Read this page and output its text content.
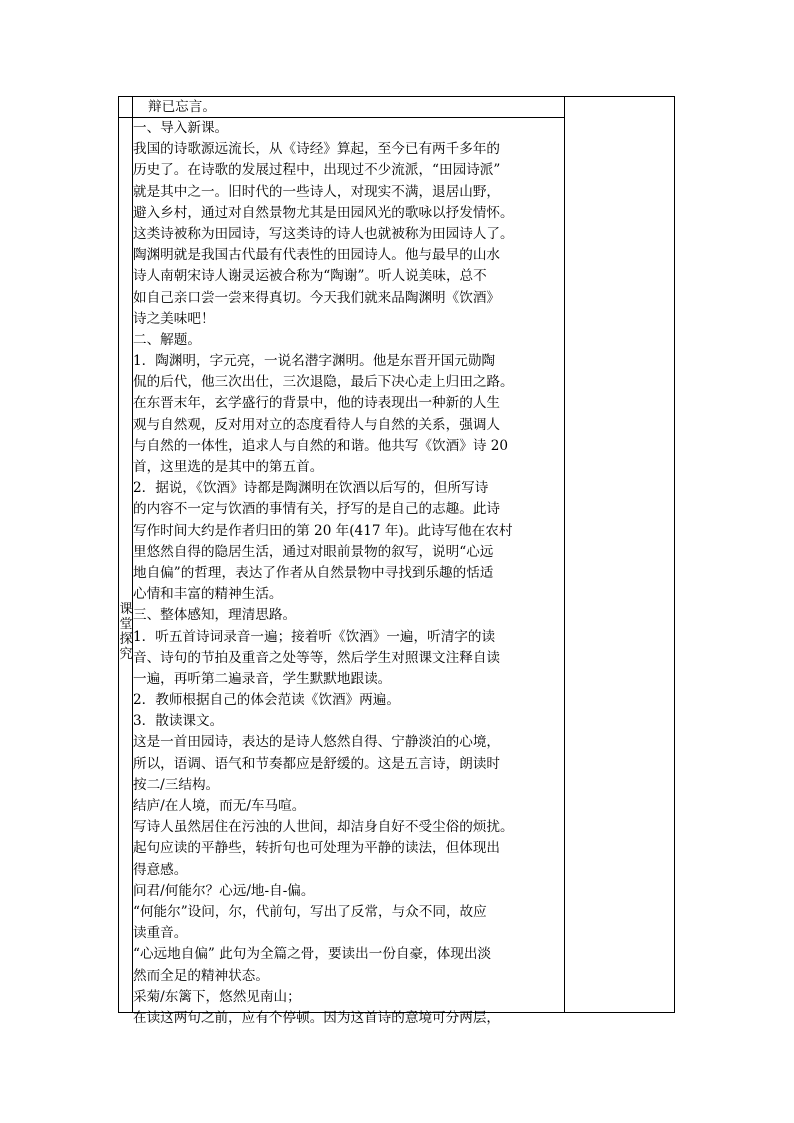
课
堂
探
究
辩已忘言。
一、导入新课。
我国的诗歌源远流长，从《诗经》算起，至今已有两千多年的
历史了。在诗歌的发展过程中，出现过不少流派，“田园诗派”
就是其中之一。旧时代的一些诗人，对现实不满，退居山野，
避入乡村，通过对自然景物尤其是田园风光的歌咏以抒发情怀。
这类诗被称为田园诗，写这类诗的诗人也就被称为田园诗人了。
陶渊明就是我国古代最有代表性的田园诗人。他与最早的山水
诗人南朝宋诗人谢灵运被合称为“陶谢”。听人说美味，总不
如自己亲口尝一尝来得真切。今天我们就来品陶渊明《饮酒》
诗之美味吧！
二、解题。
1．陶渊明，字元亮，一说名潜字渊明。他是东晋开国元勋陶
侃的后代，他三次出仕，三次退隐，最后下决心走上归田之路。
在东晋末年，玄学盛行的背景中，他的诗表现出一种新的人生
观与自然观，反对用对立的态度看待人与自然的关系，强调人
与自然的一体性，追求人与自然的和谐。他共写《饮酒》诗 20
首，这里选的是其中的第五首。
2．据说，《饮酒》诗都是陶渊明在饮酒以后写的，但所写诗
的内容不一定与饮酒的事情有关，抒写的是自己的志趣。此诗
写作时间大约是作者归田的第 20 年(417 年)。此诗写他在农村
里悠然自得的隐居生活，通过对眼前景物的叙写，说明“心远
地自偏”的哲理，表达了作者从自然景物中寻找到乐趣的恬适
心情和丰富的精神生活。
三、整体感知，理清思路。
1．听五首诗词录音一遍；接着听《饮酒》一遍，听清字的读
音、诗句的节拍及重音之处等等，然后学生对照课文注释自读
一遍，再听第二遍录音，学生默默地跟读。
2．教师根据自己的体会范读《饮酒》两遍。
3．散读课文。
这是一首田园诗，表达的是诗人悠然自得、宁静淡泊的心境，
所以，语调、语气和节奏都应是舒缓的。这是五言诗，朗读时
按二/三结构。
结庐/在人境，而无/车马喧。
写诗人虽然居住在污浊的人世间，却洁身自好不受尘俗的烦扰。
起句应读的平静些，转折句也可处理为平静的读法，但体现出
得意感。
问君/何能尔？心远/地-自-偏。
“何能尔”设问，尔，代前句，写出了反常，与众不同，故应
读重音。
“心远地自偏” 此句为全篇之骨，要读出一份自豪，体现出淡
然而全足的精神状态。
采菊/东篱下，悠然见南山；
在读这两句之前，应有个停顿。因为这首诗的意境可分两层，
